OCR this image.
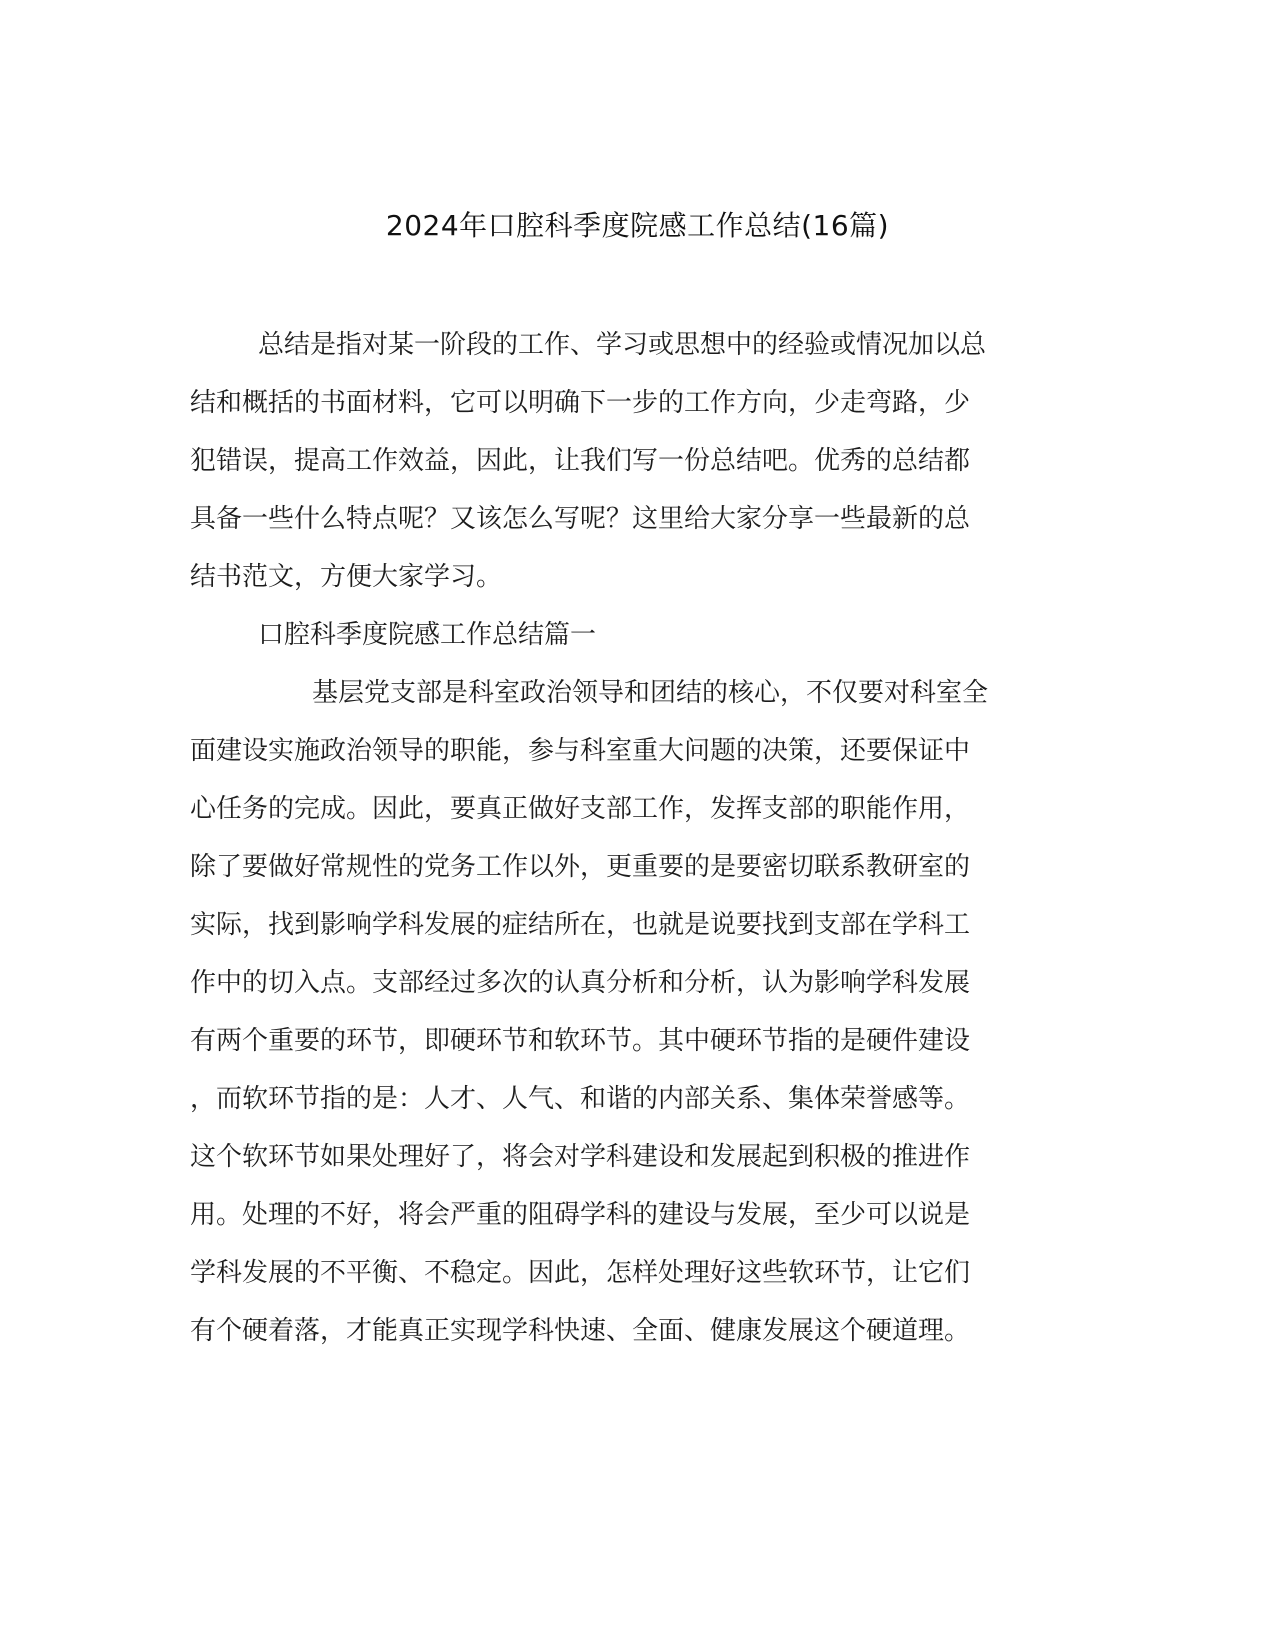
2024年口腔科季度院感工作总结(16篇)
总结是指对某一阶段的工作、学习或思想中的经验或情况加以总
结和概括的书面材料，它可以明确下一步的工作方向，少走弯路，少
犯错误，提高工作效益，因此，让我们写一份总结吧。优秀的总结都
具备一些什么特点呢？又该怎么写呢？这里给大家分享一些最新的总
结书范文，方便大家学习。
口腔科季度院感工作总结篇一
基层党支部是科室政治领导和团结的核心，不仅要对科室全
面建设实施政治领导的职能，参与科室重大问题的决策，还要保证中
心任务的完成。因此，要真正做好支部工作，发挥支部的职能作用，
除了要做好常规性的党务工作以外，更重要的是要密切联系教研室的
实际，找到影响学科发展的症结所在，也就是说要找到支部在学科工
作中的切入点。支部经过多次的认真分析和分析，认为影响学科发展
有两个重要的环节，即硬环节和软环节。其中硬环节指的是硬件建设
，而软环节指的是：人才、人气、和谐的内部关系、集体荣誉感等。
这个软环节如果处理好了，将会对学科建设和发展起到积极的推进作
用。处理的不好，将会严重的阻碍学科的建设与发展，至少可以说是
学科发展的不平衡、不稳定。因此，怎样处理好这些软环节，让它们
有个硬着落，才能真正实现学科快速、全面、健康发展这个硬道理。
